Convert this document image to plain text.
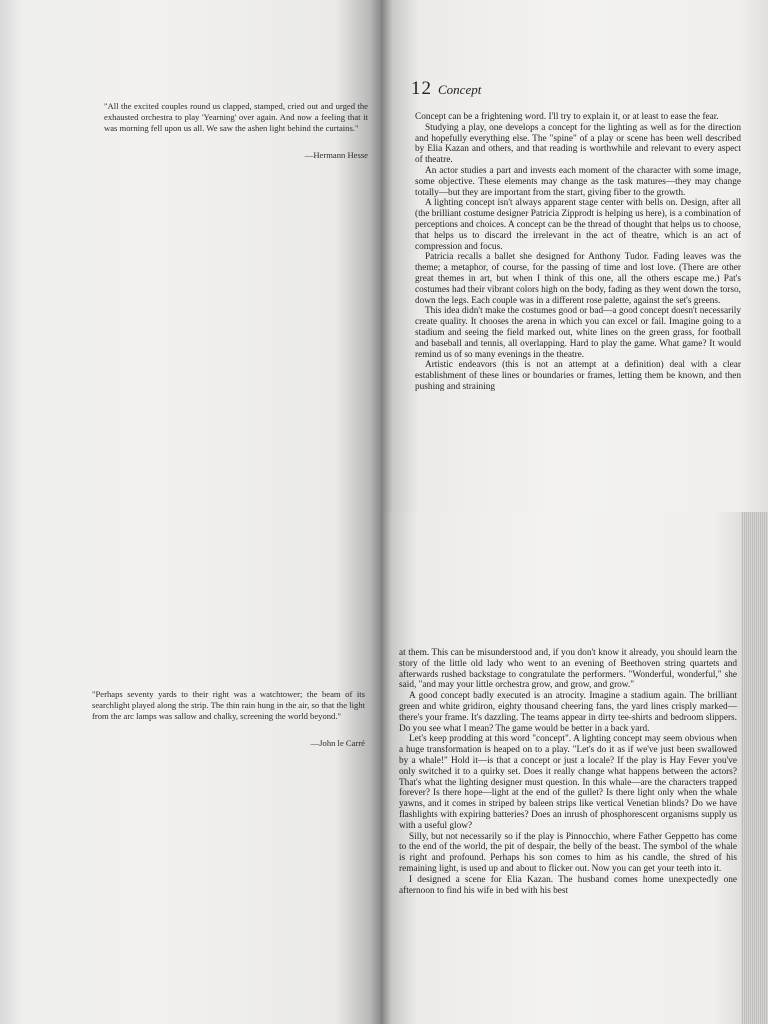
"All the excited couples round us clapped, stamped, cried out and urged the exhausted orchestra to play 'Yearning' over again. And now a feeling that it was morning fell upon us all. We saw the ashen light behind the curtains."
—Hermann Hesse
12 Concept

Concept can be a frightening word. I'll try to explain it, or at least to ease the fear.

Studying a play, one develops a concept for the lighting as well as for the direction and hopefully everything else. The "spine" of a play or scene has been well described by Elia Kazan and others, and that reading is worthwhile and relevant to every aspect of theatre.

An actor studies a part and invests each moment of the character with some image, some objective. These elements may change as the task matures—they may change totally—but they are important from the start, giving fiber to the growth.

A lighting concept isn't always apparent stage center with bells on. Design, after all (the brilliant costume designer Patricia Zipprodt is helping us here), is a combination of perceptions and choices. A concept can be the thread of thought that helps us to choose, that helps us to discard the irrelevant in the act of theatre, which is an act of compression and focus.

Patricia recalls a ballet she designed for Anthony Tudor. Fading leaves was the theme; a metaphor, of course, for the passing of time and lost love. (There are other great themes in art, but when I think of this one, all the others escape me.) Pat's costumes had their vibrant colors high on the body, fading as they went down the torso, down the legs. Each couple was in a different rose palette, against the set's greens.

This idea didn't make the costumes good or bad—a good concept doesn't necessarily create quality. It chooses the arena in which you can excel or fail. Imagine going to a stadium and seeing the field marked out, white lines on the green grass, for football and baseball and tennis, all overlapping. Hard to play the game. What game? It would remind us of so many evenings in the theatre.

Artistic endeavors (this is not an attempt at a definition) deal with a clear establishment of these lines or boundaries or frames, letting them be known, and then pushing and straining

"Perhaps seventy yards to their right was a watchtower; the beam of its searchlight played along the strip. The thin rain hung in the air, so that the light from the arc lamps was sallow and chalky, screening the world beyond."
—John le Carré

at them. This can be misunderstood and, if you don't know it already, you should learn the story of the little old lady who went to an evening of Beethoven string quartets and afterwards rushed backstage to congratulate the performers. "Wonderful, wonderful," she said, "and may your little orchestra grow, and grow, and grow."

A good concept badly executed is an atrocity. Imagine a stadium again. The brilliant green and white gridiron, eighty thousand cheering fans, the yard lines crisply marked—there's your frame. It's dazzling. The teams appear in dirty tee-shirts and bedroom slippers. Do you see what I mean? The game would be better in a back yard.

Let's keep prodding at this word "concept". A lighting concept may seem obvious when a huge transformation is heaped on to a play. "Let's do it as if we've just been swallowed by a whale!" Hold it—is that a concept or just a locale? If the play is Hay Fever you've only switched it to a quirky set. Does it really change what happens between the actors? That's what the lighting designer must question. In this whale—are the characters trapped forever? Is there hope—light at the end of the gullet? Is there light only when the whale yawns, and it comes in striped by baleen strips like vertical Venetian blinds? Do we have flashlights with expiring batteries? Does an inrush of phosphorescent organisms supply us with a useful glow?

Silly, but not necessarily so if the play is Pinnocchio, where Father Geppetto has come to the end of the world, the pit of despair, the belly of the beast. The symbol of the whale is right and profound. Perhaps his son comes to him as his candle, the shred of his remaining light, is used up and about to flicker out. Now you can get your teeth into it.

I designed a scene for Elia Kazan. The husband comes home unexpectedly one afternoon to find his wife in bed with his best
